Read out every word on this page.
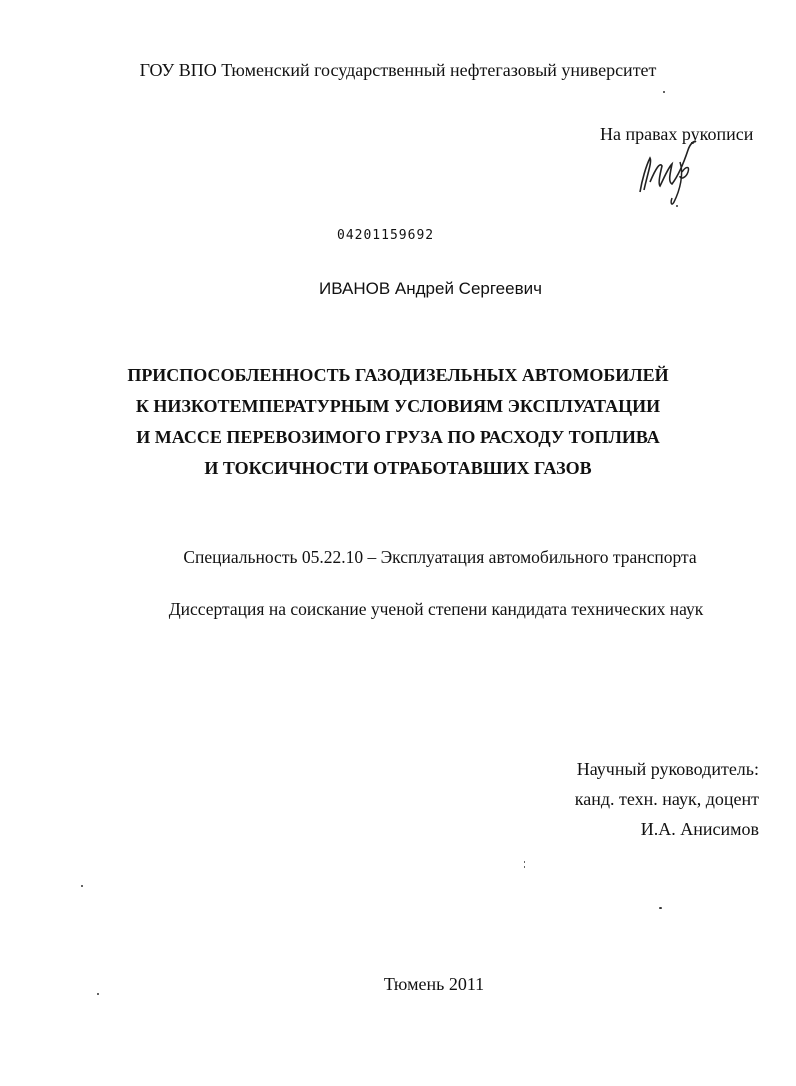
ГОУ ВПО Тюменский государственный нефтегазовый университет
На правах рукописи
04201159692
ИВАНОВ Андрей Сергеевич
ПРИСПОСОБЛЕННОСТЬ ГАЗОДИЗЕЛЬНЫХ АВТОМОБИЛЕЙ
К НИЗКОТЕМПЕРАТУРНЫМ УСЛОВИЯМ ЭКСПЛУАТАЦИИ
И МАССЕ ПЕРЕВОЗИМОГО ГРУЗА ПО РАСХОДУ ТОПЛИВА
И ТОКСИЧНОСТИ ОТРАБОТАВШИХ ГАЗОВ
Специальность 05.22.10 – Эксплуатация автомобильного транспорта
Диссертация на соискание ученой степени кандидата технических наук
Научный руководитель:
канд. техн. наук, доцент
И.А. Анисимов
Тюмень 2011
